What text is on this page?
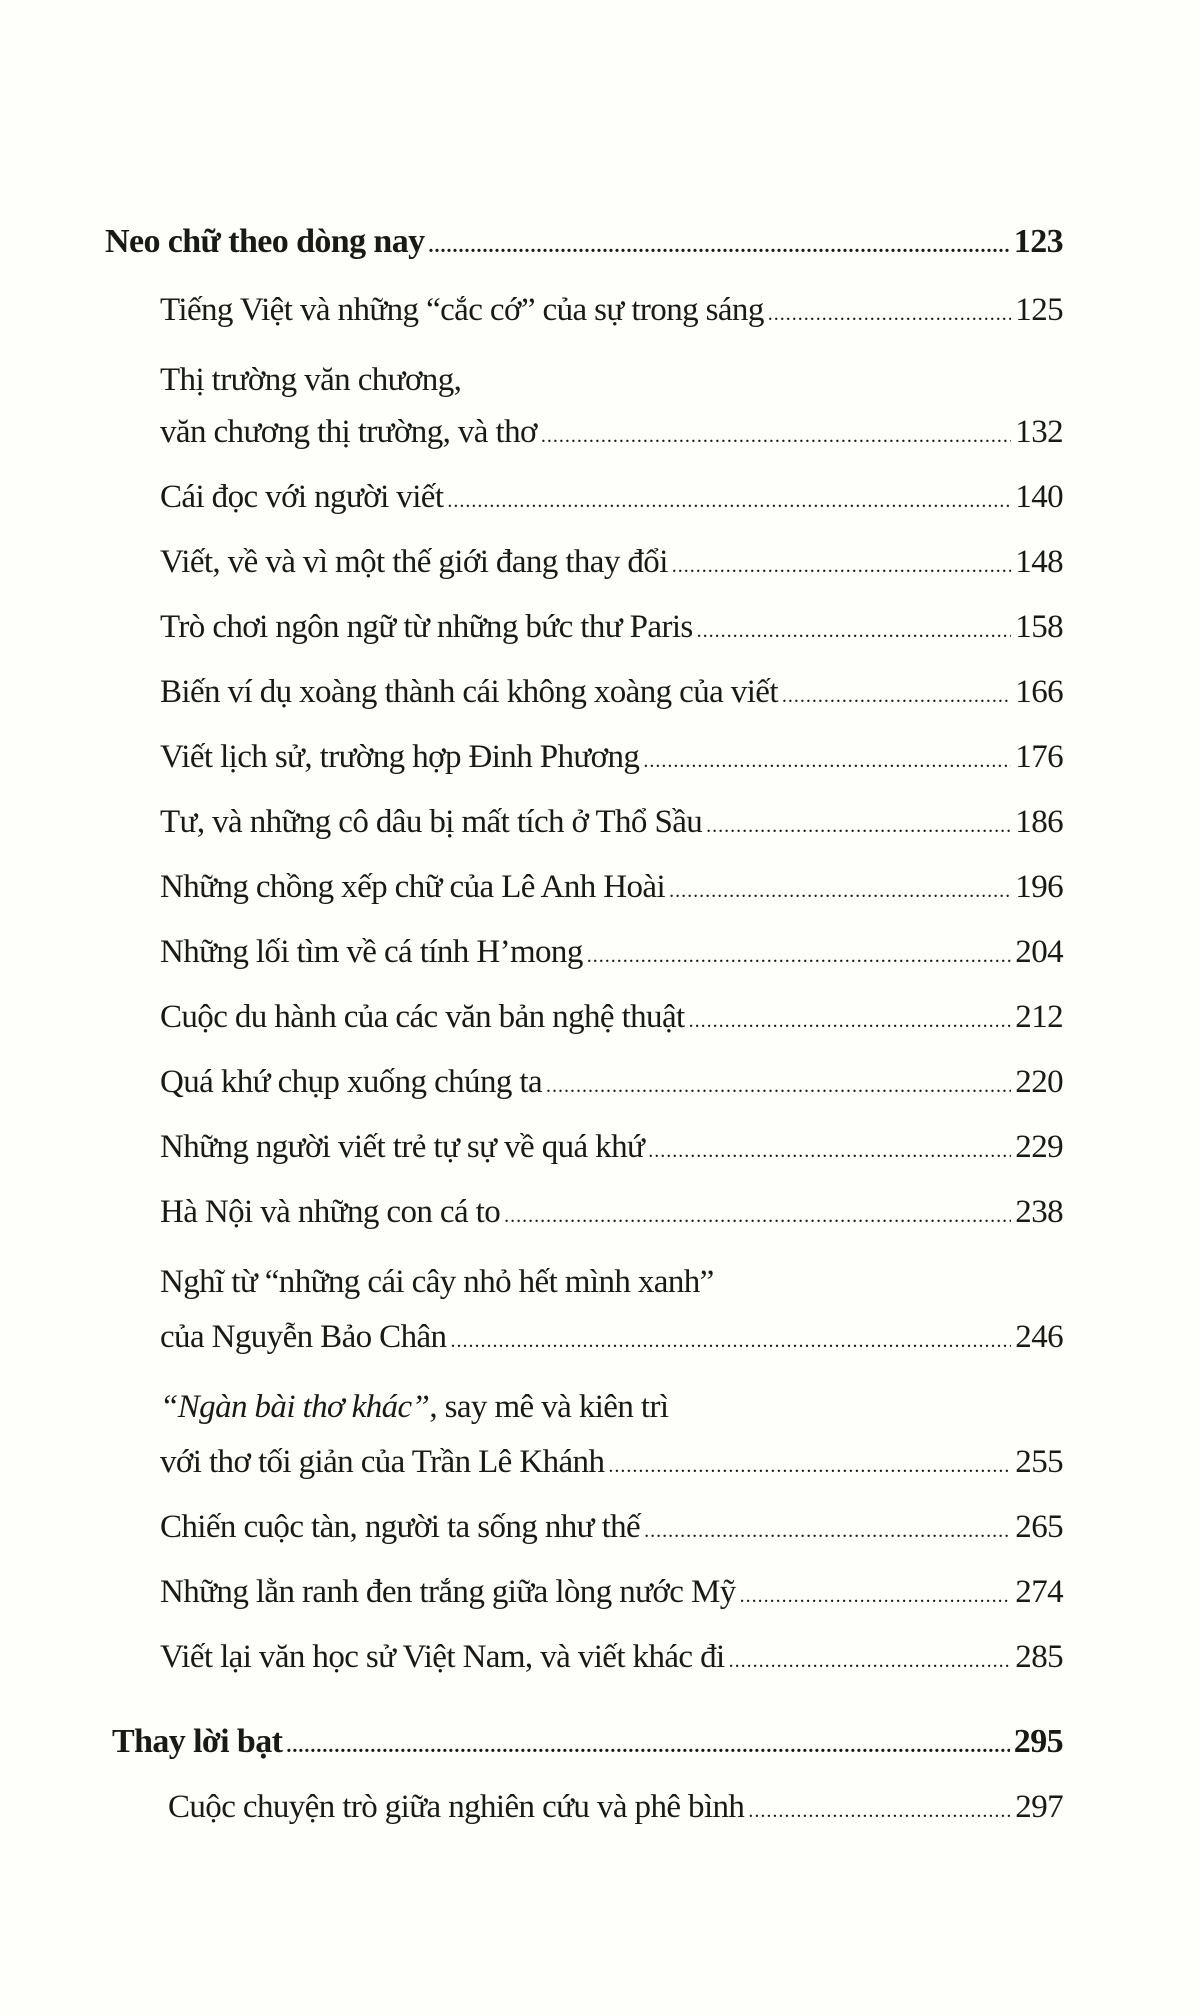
Neo chữ theo dòng nay .....	123
Tiếng Việt và những “cắc cớ” của sự trong sáng .....	125
Thị trường văn chương,
văn chương thị trường, và thơ .....	132
Cái đọc với người viết .....	140
Viết, về và vì một thế giới đang thay đổi .....	148
Trò chơi ngôn ngữ từ những bức thư Paris .....	158
Biến ví dụ xoàng thành cái không xoàng của viết .....	166
Viết lịch sử, trường hợp Đinh Phương .....	176
Tư, và những cô dâu bị mất tích ở Thổ Sầu .....	186
Những chồng xếp chữ của Lê Anh Hoài .....	196
Những lối tìm về cá tính H’mong .....	204
Cuộc du hành của các văn bản nghệ thuật .....	212
Quá khứ chụp xuống chúng ta .....	220
Những người viết trẻ tự sự về quá khứ .....	229
Hà Nội và những con cá to .....	238
Nghĩ từ “những cái cây nhỏ hết mình xanh”
của Nguyễn Bảo Chân .....	246
“Ngàn bài thơ khác”, say mê và kiên trì
với thơ tối giản của Trần Lê Khánh .....	255
Chiến cuộc tàn, người ta sống như thế .....	265
Những lằn ranh đen trắng giữa lòng nước Mỹ .....	274
Viết lại văn học sử Việt Nam, và viết khác đi .....	285
Thay lời bạt .....	295
Cuộc chuyện trò giữa nghiên cứu và phê bình .....	297
